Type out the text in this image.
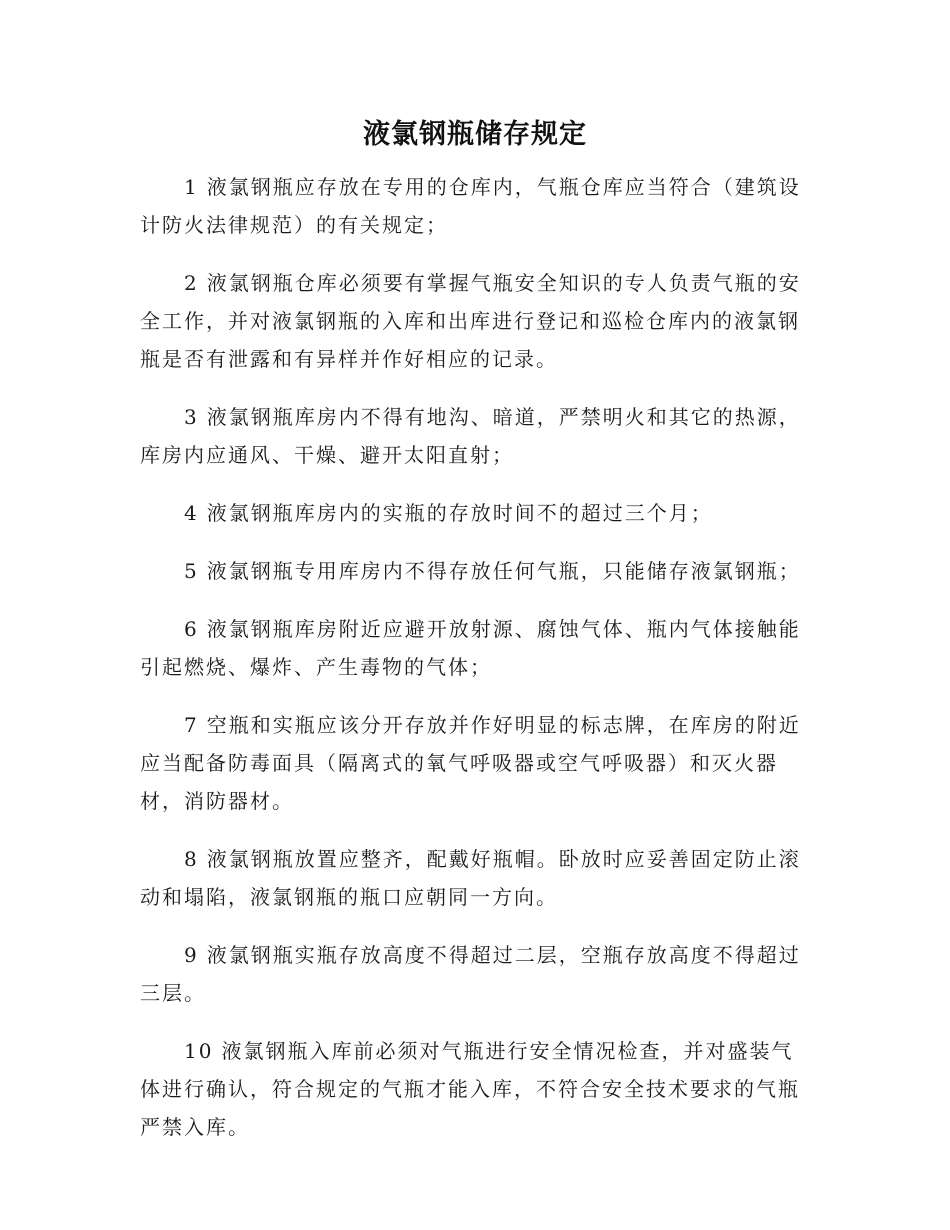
液氯钢瓶储存规定

1 液氯钢瓶应存放在专用的仓库内，气瓶仓库应当符合（建筑设计防火法律规范）的有关规定；

2 液氯钢瓶仓库必须要有掌握气瓶安全知识的专人负责气瓶的安全工作，并对液氯钢瓶的入库和出库进行登记和巡检仓库内的液氯钢瓶是否有泄露和有异样并作好相应的记录。

3 液氯钢瓶库房内不得有地沟、暗道，严禁明火和其它的热源，库房内应通风、干燥、避开太阳直射；

4 液氯钢瓶库房内的实瓶的存放时间不的超过三个月；

5 液氯钢瓶专用库房内不得存放任何气瓶，只能储存液氯钢瓶；

6 液氯钢瓶库房附近应避开放射源、腐蚀气体、瓶内气体接触能引起燃烧、爆炸、产生毒物的气体；

7 空瓶和实瓶应该分开存放并作好明显的标志牌，在库房的附近应当配备防毒面具（隔离式的氧气呼吸器或空气呼吸器）和灭火器材，消防器材。

8 液氯钢瓶放置应整齐，配戴好瓶帽。卧放时应妥善固定防止滚动和塌陷，液氯钢瓶的瓶口应朝同一方向。

9 液氯钢瓶实瓶存放高度不得超过二层，空瓶存放高度不得超过三层。

10 液氯钢瓶入库前必须对气瓶进行安全情况检查，并对盛装气体进行确认，符合规定的气瓶才能入库，不符合安全技术要求的气瓶严禁入库。
